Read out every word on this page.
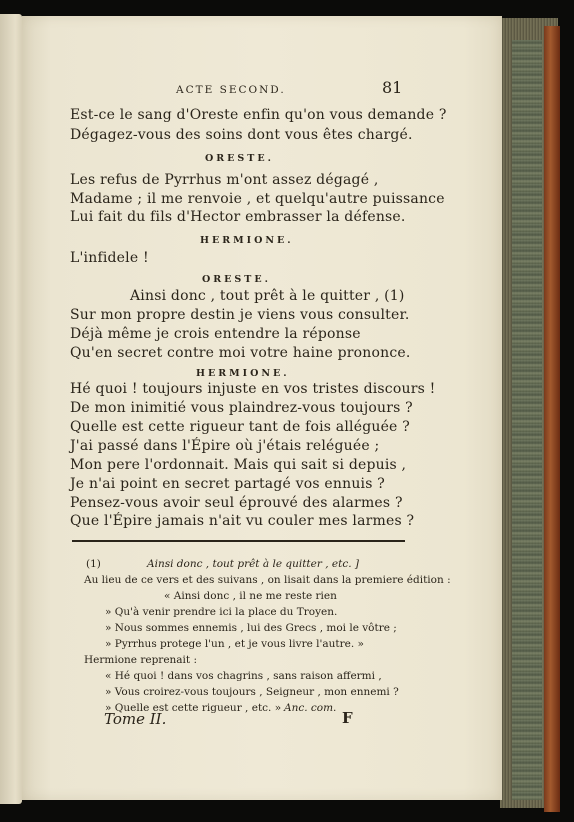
ACTE SECOND.	81
Est-ce le sang d'Oreste enfin qu'on vous demande ?
Dégagez-vous des soins dont vous êtes chargé.
ORESTE.
Les refus de Pyrrhus m'ont assez dégagé ,
Madame ; il me renvoie , et quelqu'autre puissance
Lui fait du fils d'Hector embrasser la défense.
HERMIONE.
L'infidele !
ORESTE.
Ainsi donc , tout prêt à le quitter , (1)
Sur mon propre destin je viens vous consulter.
Déjà même je crois entendre la réponse
Qu'en secret contre moi votre haine prononce.
HERMIONE.
Hé quoi ! toujours injuste en vos tristes discours !
De mon inimitié vous plaindrez-vous toujours ?
Quelle est cette rigueur tant de fois alléguée ?
J'ai passé dans l'Épire où j'étais reléguée ;
Mon pere l'ordonnait. Mais qui sait si depuis ,
Je n'ai point en secret partagé vos ennuis ?
Pensez-vous avoir seul éprouvé des alarmes ?
Que l'Épire jamais n'ait vu couler mes larmes ?
(1)	Ainsi donc , tout prêt à le quitter , etc. ]
Au lieu de ce vers et des suivans , on lisait dans la premiere édition :
« Ainsi donc , il ne me reste rien
» Qu'à venir prendre ici la place du Troyen.
» Nous sommes ennemis , lui des Grecs , moi le vôtre ;
» Pyrrhus protege l'un , et je vous livre l'autre. »
Hermione reprenait :
« Hé quoi ! dans vos chagrins , sans raison affermi ,
» Vous croirez-vous toujours , Seigneur , mon ennemi ?
» Quelle est cette rigueur , etc. » Anc. com.
Tome II.	F
